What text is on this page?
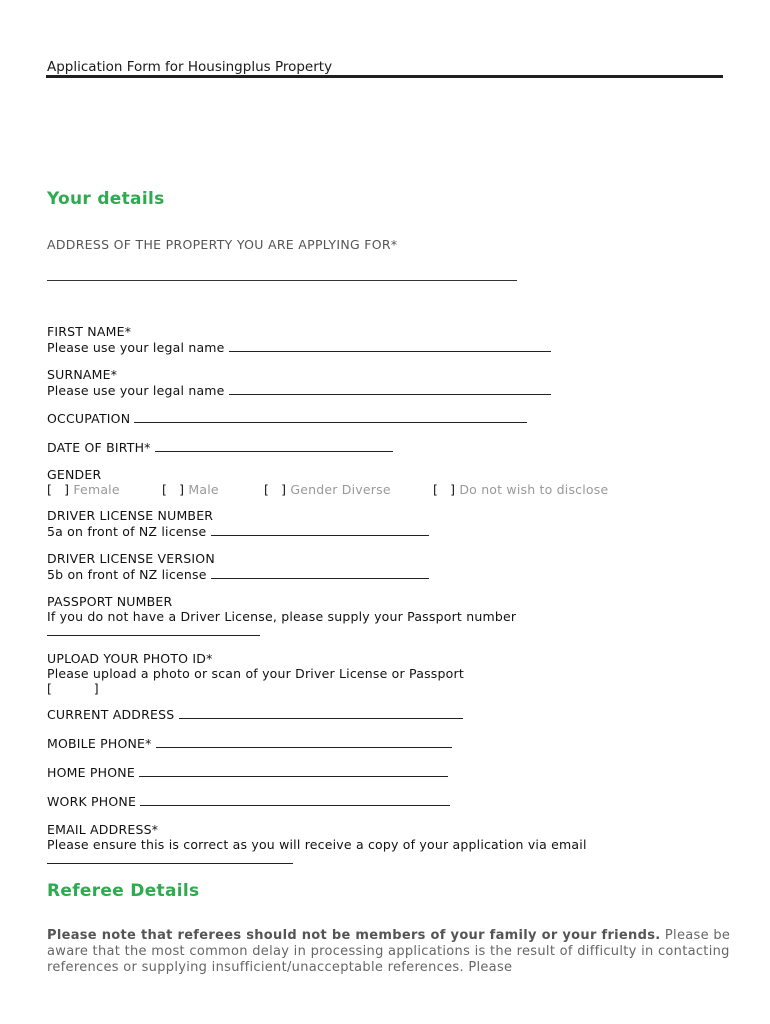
Application Form for Housingplus Property
Your details
ADDRESS OF THE PROPERTY YOU ARE APPLYING FOR*
FIRST NAME*
Please use your legal name
SURNAME*
Please use your legal name
OCCUPATION
DATE OF BIRTH*
GENDER
[ ] Female	[ ] Male	[ ] Gender Diverse	[ ] Do not wish to disclose
DRIVER LICENSE NUMBER
5a on front of NZ license
DRIVER LICENSE VERSION
5b on front of NZ license
PASSPORT NUMBER
If you do not have a Driver License, please supply your Passport number
UPLOAD YOUR PHOTO ID*
Please upload a photo or scan of your Driver License or Passport
[          ]
CURRENT ADDRESS
MOBILE PHONE*
HOME PHONE
WORK PHONE
EMAIL ADDRESS*
Please ensure this is correct as you will receive a copy of your application via email
Referee Details
Please note that referees should not be members of your family or your friends. Please be aware that the most common delay in processing applications is the result of difficulty in contacting references or supplying insufficient/unacceptable references. Please
